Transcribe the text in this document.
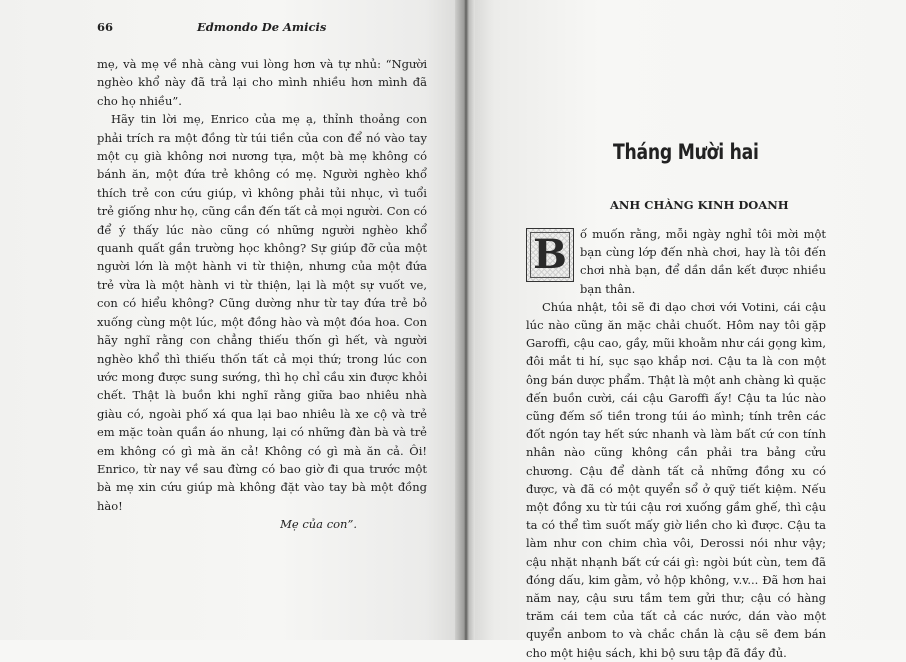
66	Edmondo De Amicis

mẹ, và mẹ về nhà càng vui lòng hơn và tự nhủ: “Người nghèo khổ này đã trả lại cho mình nhiều hơn mình đã cho họ nhiều”.

Hãy tin lời mẹ, Enrico của mẹ ạ, thỉnh thoảng con phải trích ra một đồng từ túi tiền của con để nó vào tay một cụ già không nơi nương tựa, một bà mẹ không có bánh ăn, một đứa trẻ không có mẹ. Người nghèo khổ thích trẻ con cứu giúp, vì không phải tủi nhục, vì tuổi trẻ giống như họ, cũng cần đến tất cả mọi người. Con có để ý thấy lúc nào cũng có những người nghèo khổ quanh quất gần trường học không? Sự giúp đỡ của một người lớn là một hành vi từ thiện, nhưng của một đứa trẻ vừa là một hành vi từ thiện, lại là một sự vuốt ve, con có hiểu không? Cũng dường như từ tay đứa trẻ bỏ xuống cùng một lúc, một đồng hào và một đóa hoa. Con hãy nghĩ rằng con chẳng thiếu thốn gì hết, và người nghèo khổ thì thiếu thốn tất cả mọi thứ; trong lúc con ước mong được sung sướng, thì họ chỉ cầu xin được khỏi chết. Thật là buồn khi nghĩ rằng giữa bao nhiêu nhà giàu có, ngoài phố xá qua lại bao nhiêu là xe cộ và trẻ em mặc toàn quần áo nhung, lại có những đàn bà và trẻ em không có gì mà ăn cả! Không có gì mà ăn cả. Ôi! Enrico, từ nay về sau đừng có bao giờ đi qua trước một bà mẹ xin cứu giúp mà không đặt vào tay bà một đồng hào!

Mẹ của con”.

Tháng Mười hai
ANH CHÀNG KINH DOANH
B	ố muốn rằng, mỗi ngày nghỉ tôi mời một bạn cùng lớp đến nhà chơi, hay là tôi đến chơi nhà bạn, để dần dần kết được nhiều bạn thân.

Chúa nhật, tôi sẽ đi dạo chơi với Votini, cái cậu lúc nào cũng ăn mặc chải chuốt. Hôm nay tôi gặp Garoffi, cậu cao, gầy, mũi khoằm như cái gọng kìm, đôi mắt ti hí, sục sạo khắp nơi. Cậu ta là con một ông bán dược phẩm. Thật là một anh chàng kì quặc đến buồn cười, cái cậu Garoffi ấy! Cậu ta lúc nào cũng đếm số tiền trong túi áo mình; tính trên các đốt ngón tay hết sức nhanh và làm bất cứ con tính nhân nào cũng không cần phải tra bảng cửu chương. Cậu để dành tất cả những đồng xu có được, và đã có một quyển sổ ở quỹ tiết kiệm. Nếu một đồng xu từ túi cậu rơi xuống gầm ghế, thì cậu ta có thể tìm suốt mấy giờ liền cho kì được. Cậu ta làm như con chim chìa vôi, Derossi nói như vậy; cậu nhặt nhạnh bất cứ cái gì: ngòi bút cùn, tem đã đóng dấu, kim gằm, vỏ hộp không, v.v... Đã hơn hai năm nay, cậu sưu tầm tem gửi thư; cậu có hàng trăm cái tem của tất cả các nước, dán vào một quyển anbom to và chắc chắn là cậu sẽ đem bán cho một hiệu sách, khi bộ sưu tập đã đầy đủ.
